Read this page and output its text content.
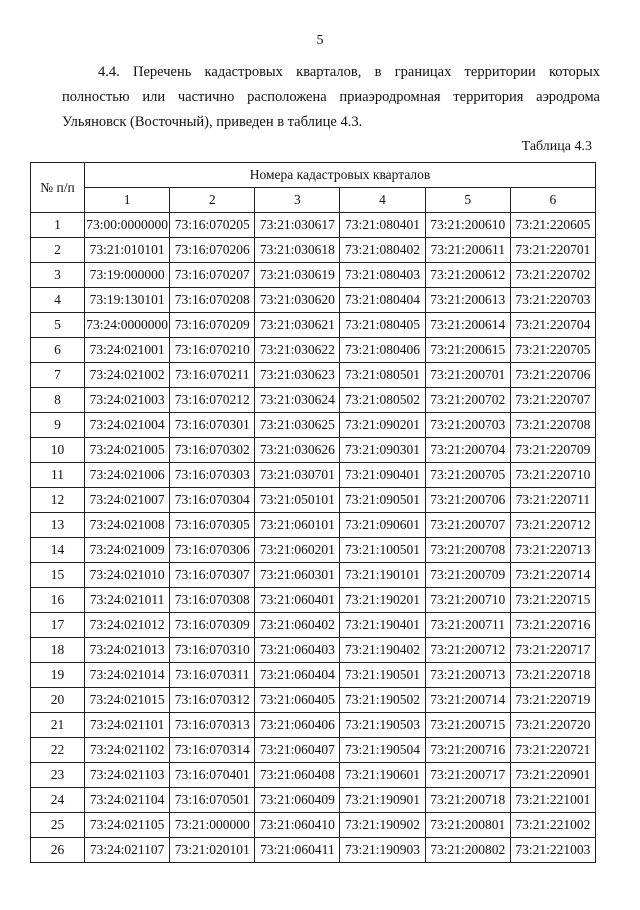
5

4.4. Перечень кадастровых кварталов, в границах территории которых полностью или частично расположена приаэродромная территория аэродрома Ульяновск (Восточный), приведен в таблице 4.3.

Таблица 4.3
№ п/п	Номера кадастровых кварталов					
	1	2	3	4	5	6
1	73:00:0000000	73:16:070205	73:21:030617	73:21:080401	73:21:200610	73:21:220605
2	73:21:010101	73:16:070206	73:21:030618	73:21:080402	73:21:200611	73:21:220701
3	73:19:000000	73:16:070207	73:21:030619	73:21:080403	73:21:200612	73:21:220702
4	73:19:130101	73:16:070208	73:21:030620	73:21:080404	73:21:200613	73:21:220703
5	73:24:0000000	73:16:070209	73:21:030621	73:21:080405	73:21:200614	73:21:220704
6	73:24:021001	73:16:070210	73:21:030622	73:21:080406	73:21:200615	73:21:220705
7	73:24:021002	73:16:070211	73:21:030623	73:21:080501	73:21:200701	73:21:220706
8	73:24:021003	73:16:070212	73:21:030624	73:21:080502	73:21:200702	73:21:220707
9	73:24:021004	73:16:070301	73:21:030625	73:21:090201	73:21:200703	73:21:220708
10	73:24:021005	73:16:070302	73:21:030626	73:21:090301	73:21:200704	73:21:220709
11	73:24:021006	73:16:070303	73:21:030701	73:21:090401	73:21:200705	73:21:220710
12	73:24:021007	73:16:070304	73:21:050101	73:21:090501	73:21:200706	73:21:220711
13	73:24:021008	73:16:070305	73:21:060101	73:21:090601	73:21:200707	73:21:220712
14	73:24:021009	73:16:070306	73:21:060201	73:21:100501	73:21:200708	73:21:220713
15	73:24:021010	73:16:070307	73:21:060301	73:21:190101	73:21:200709	73:21:220714
16	73:24:021011	73:16:070308	73:21:060401	73:21:190201	73:21:200710	73:21:220715
17	73:24:021012	73:16:070309	73:21:060402	73:21:190401	73:21:200711	73:21:220716
18	73:24:021013	73:16:070310	73:21:060403	73:21:190402	73:21:200712	73:21:220717
19	73:24:021014	73:16:070311	73:21:060404	73:21:190501	73:21:200713	73:21:220718
20	73:24:021015	73:16:070312	73:21:060405	73:21:190502	73:21:200714	73:21:220719
21	73:24:021101	73:16:070313	73:21:060406	73:21:190503	73:21:200715	73:21:220720
22	73:24:021102	73:16:070314	73:21:060407	73:21:190504	73:21:200716	73:21:220721
23	73:24:021103	73:16:070401	73:21:060408	73:21:190601	73:21:200717	73:21:220901
24	73:24:021104	73:16:070501	73:21:060409	73:21:190901	73:21:200718	73:21:221001
25	73:24:021105	73:21:000000	73:21:060410	73:21:190902	73:21:200801	73:21:221002
26	73:24:021107	73:21:020101	73:21:060411	73:21:190903	73:21:200802	73:21:221003
